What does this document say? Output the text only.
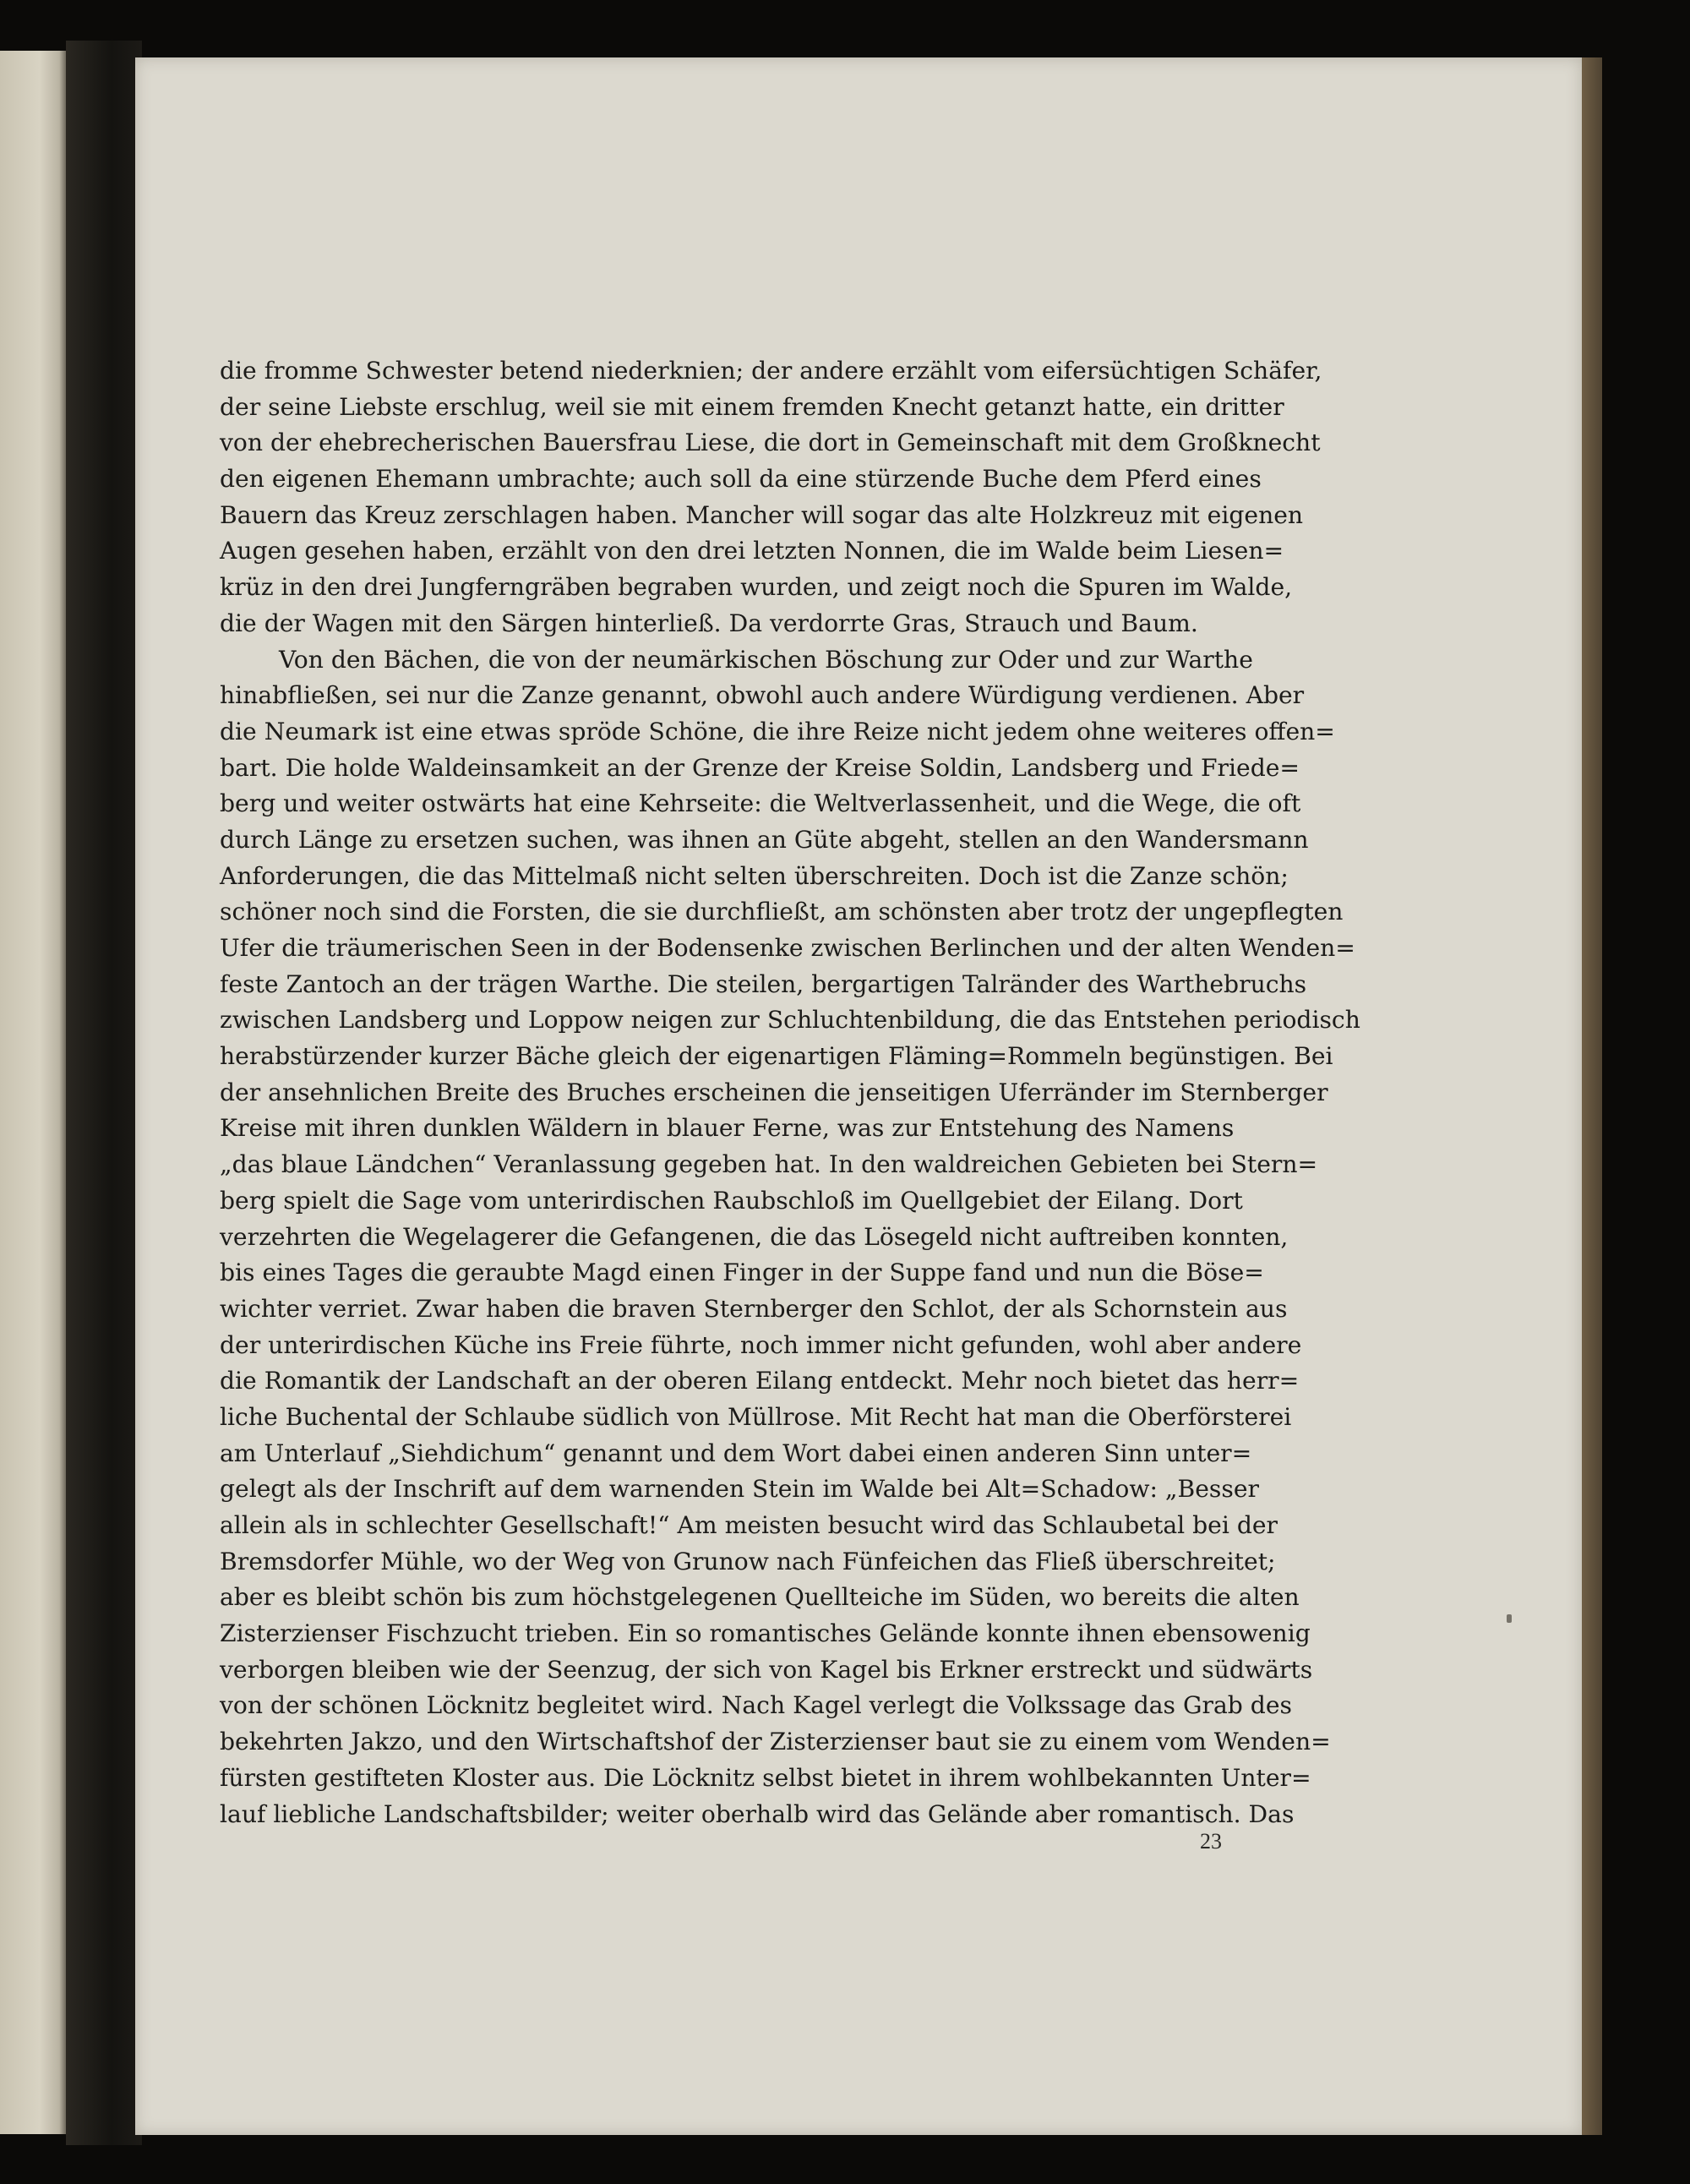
die fromme Schwester betend niederknien; der andere erzählt vom eifersüchtigen Schäfer,
der seine Liebste erschlug, weil sie mit einem fremden Knecht getanzt hatte, ein dritter
von der ehebrecherischen Bauersfrau Liese, die dort in Gemeinschaft mit dem Großknecht
den eigenen Ehemann umbrachte; auch soll da eine stürzende Buche dem Pferd eines
Bauern das Kreuz zerschlagen haben. Mancher will sogar das alte Holzkreuz mit eigenen
Augen gesehen haben, erzählt von den drei letzten Nonnen, die im Walde beim Liesen=
krüz in den drei Jungferngräben begraben wurden, und zeigt noch die Spuren im Walde,
die der Wagen mit den Särgen hinterließ. Da verdorrte Gras, Strauch und Baum.
Von den Bächen, die von der neumärkischen Böschung zur Oder und zur Warthe
hinabfließen, sei nur die Zanze genannt, obwohl auch andere Würdigung verdienen. Aber
die Neumark ist eine etwas spröde Schöne, die ihre Reize nicht jedem ohne weiteres offen=
bart. Die holde Waldeinsamkeit an der Grenze der Kreise Soldin, Landsberg und Friede=
berg und weiter ostwärts hat eine Kehrseite: die Weltverlassenheit, und die Wege, die oft
durch Länge zu ersetzen suchen, was ihnen an Güte abgeht, stellen an den Wandersmann
Anforderungen, die das Mittelmaß nicht selten überschreiten. Doch ist die Zanze schön;
schöner noch sind die Forsten, die sie durchfließt, am schönsten aber trotz der ungepflegten
Ufer die träumerischen Seen in der Bodensenke zwischen Berlinchen und der alten Wenden=
feste Zantoch an der trägen Warthe. Die steilen, bergartigen Talränder des Warthebruchs
zwischen Landsberg und Loppow neigen zur Schluchtenbildung, die das Entstehen periodisch
herabstürzender kurzer Bäche gleich der eigenartigen Fläming=Rommeln begünstigen. Bei
der ansehnlichen Breite des Bruches erscheinen die jenseitigen Uferränder im Sternberger
Kreise mit ihren dunklen Wäldern in blauer Ferne, was zur Entstehung des Namens
„das blaue Ländchen“ Veranlassung gegeben hat. In den waldreichen Gebieten bei Stern=
berg spielt die Sage vom unterirdischen Raubschloß im Quellgebiet der Eilang. Dort
verzehrten die Wegelagerer die Gefangenen, die das Lösegeld nicht auftreiben konnten,
bis eines Tages die geraubte Magd einen Finger in der Suppe fand und nun die Böse=
wichter verriet. Zwar haben die braven Sternberger den Schlot, der als Schornstein aus
der unterirdischen Küche ins Freie führte, noch immer nicht gefunden, wohl aber andere
die Romantik der Landschaft an der oberen Eilang entdeckt. Mehr noch bietet das herr=
liche Buchental der Schlaube südlich von Müllrose. Mit Recht hat man die Oberförsterei
am Unterlauf „Siehdichum“ genannt und dem Wort dabei einen anderen Sinn unter=
gelegt als der Inschrift auf dem warnenden Stein im Walde bei Alt=Schadow: „Besser
allein als in schlechter Gesellschaft!“ Am meisten besucht wird das Schlaubetal bei der
Bremsdorfer Mühle, wo der Weg von Grunow nach Fünfeichen das Fließ überschreitet;
aber es bleibt schön bis zum höchstgelegenen Quellteiche im Süden, wo bereits die alten
Zisterzienser Fischzucht trieben. Ein so romantisches Gelände konnte ihnen ebensowenig
verborgen bleiben wie der Seenzug, der sich von Kagel bis Erkner erstreckt und südwärts
von der schönen Löcknitz begleitet wird. Nach Kagel verlegt die Volkssage das Grab des
bekehrten Jakzo, und den Wirtschaftshof der Zisterzienser baut sie zu einem vom Wenden=
fürsten gestifteten Kloster aus. Die Löcknitz selbst bietet in ihrem wohlbekannten Unter=
lauf liebliche Landschaftsbilder; weiter oberhalb wird das Gelände aber romantisch. Das
23
